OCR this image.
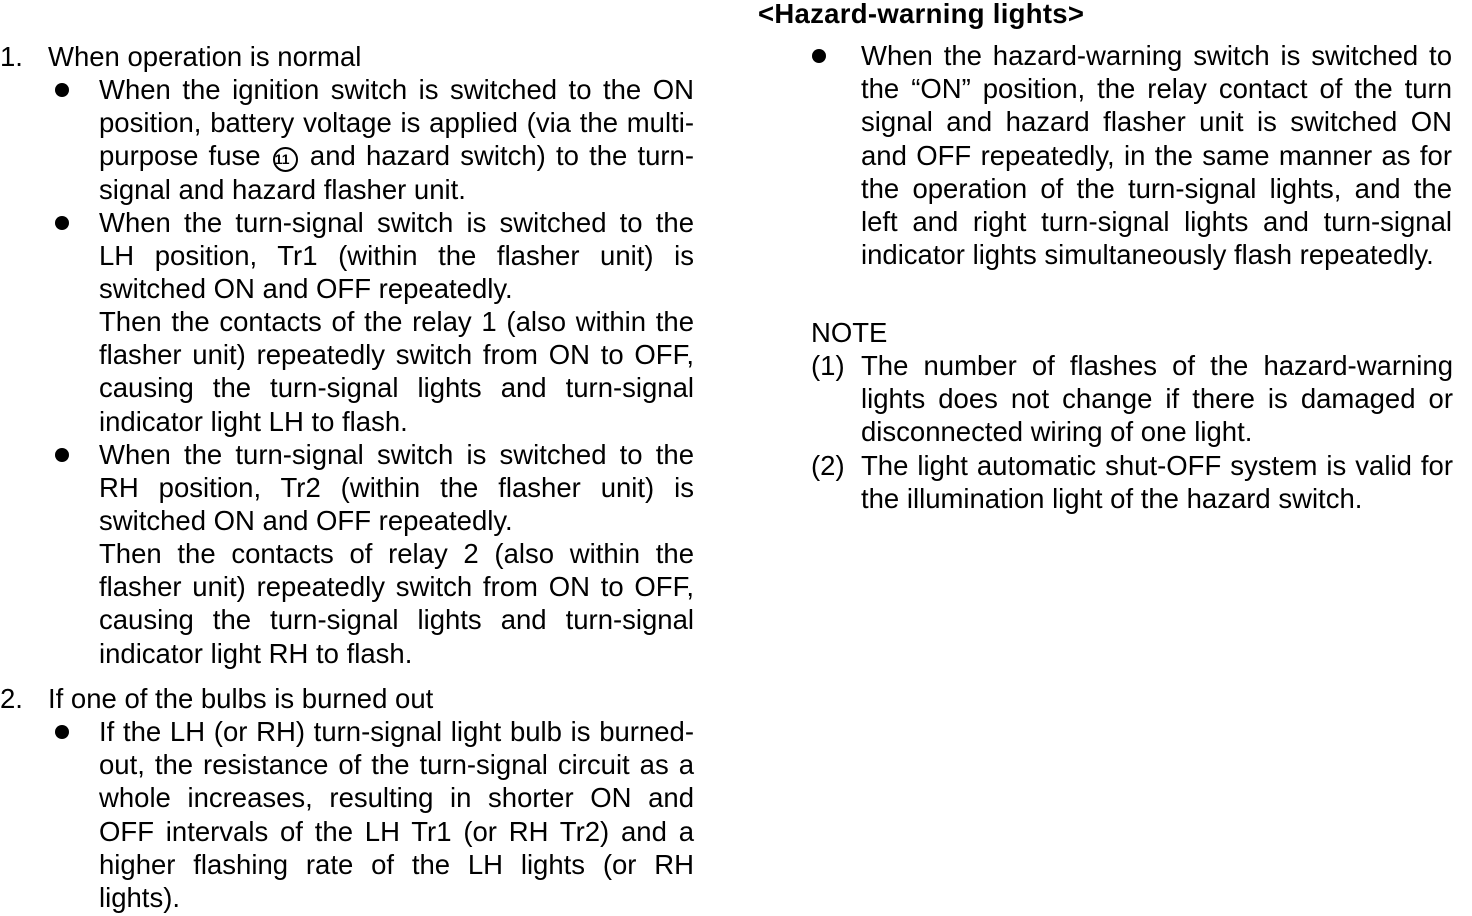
1. When operation is normal
When the ignition switch is switched to the ON position, battery voltage is applied (via the multi-purpose fuse 11 and hazard switch) to the turn-signal and hazard flasher unit.
When the turn-signal switch is switched to the LH position, Tr1 (within the flasher unit) is switched ON and OFF repeatedly.
Then the contacts of the relay 1 (also within the flasher unit) repeatedly switch from ON to OFF, causing the turn-signal lights and turn-signal indicator light LH to flash.
When the turn-signal switch is switched to the RH position, Tr2 (within the flasher unit) is switched ON and OFF repeatedly.
Then the contacts of relay 2 (also within the flasher unit) repeatedly switch from ON to OFF, causing the turn-signal lights and turn-signal indicator light RH to flash.
2. If one of the bulbs is burned out
If the LH (or RH) turn-signal light bulb is burned-out, the resistance of the turn-signal circuit as a whole increases, resulting in shorter ON and OFF intervals of the LH Tr1 (or RH Tr2) and a higher flashing rate of the LH lights (or RH lights).
<Hazard-warning lights>
When the hazard-warning switch is switched to the “ON” position, the relay contact of the turn signal and hazard flasher unit is switched ON and OFF repeatedly, in the same manner as for the operation of the turn-signal lights, and the left and right turn-signal lights and turn-signal indicator lights simultaneously flash repeatedly.
NOTE
(1) The number of flashes of the hazard-warning lights does not change if there is damaged or disconnected wiring of one light.
(2) The light automatic shut-OFF system is valid for the illumination light of the hazard switch.
